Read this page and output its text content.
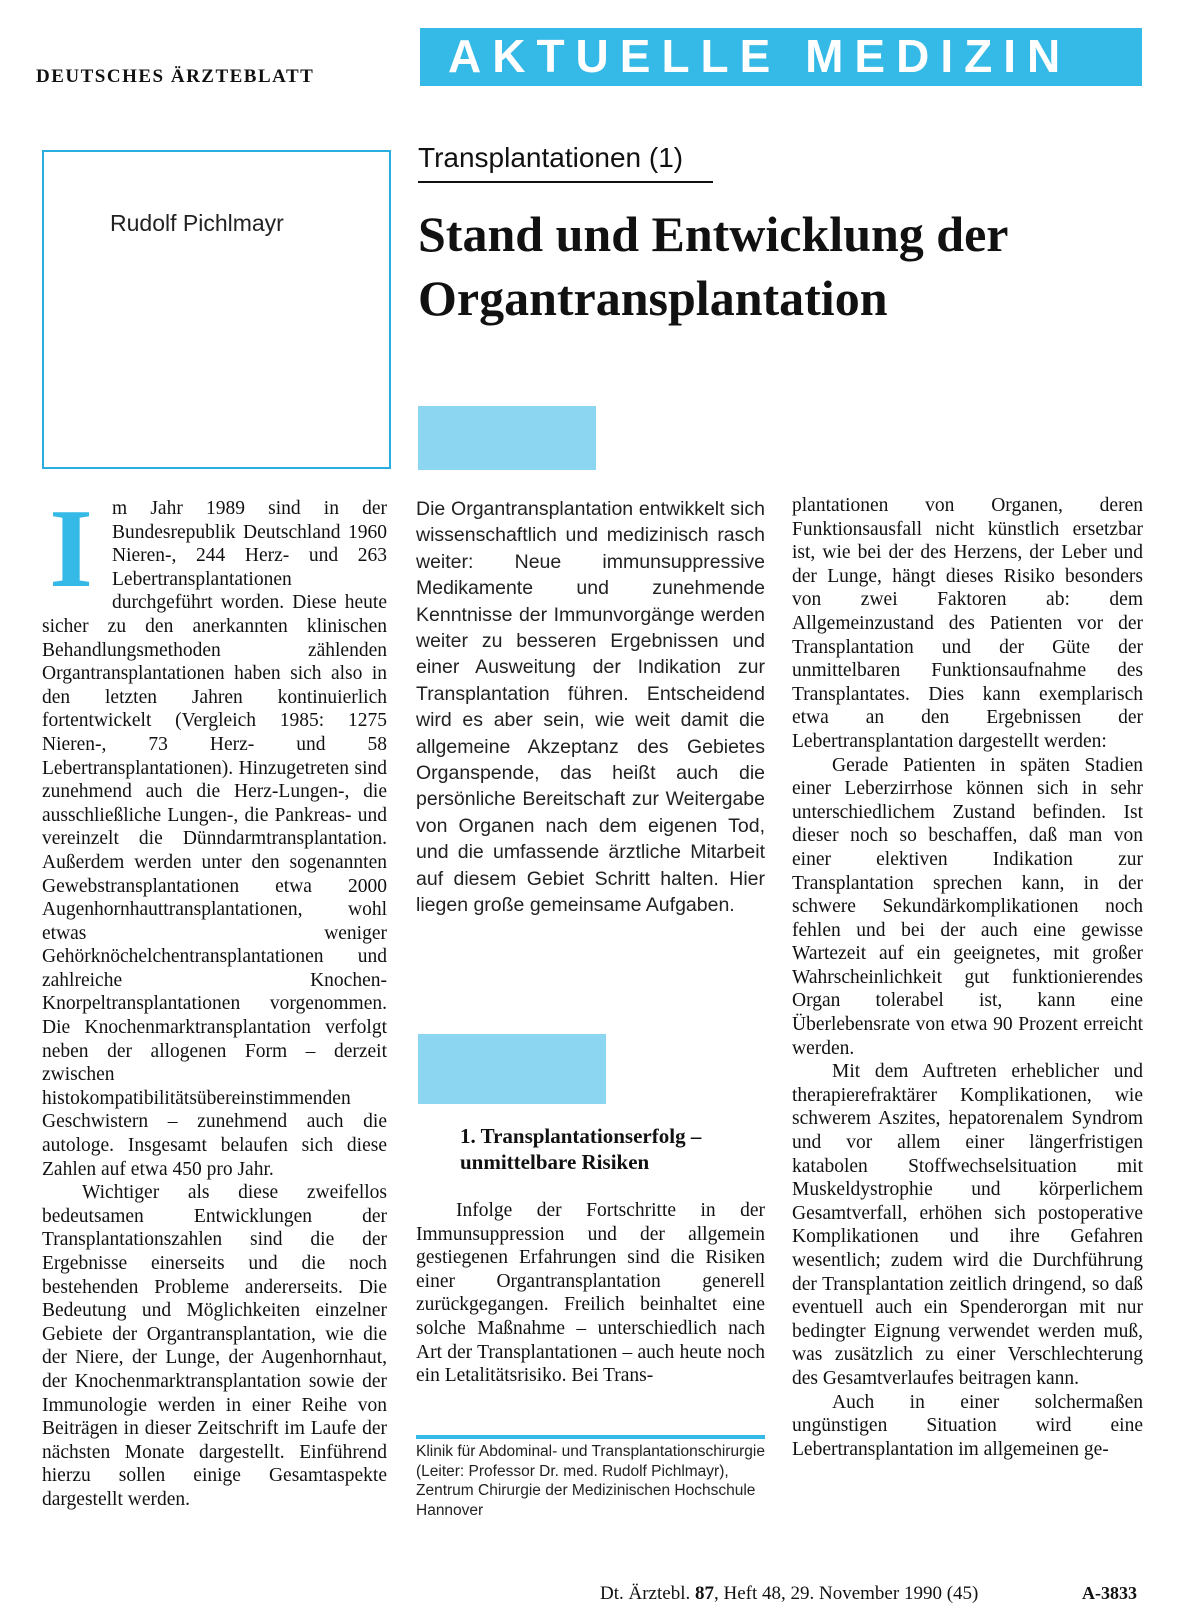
DEUTSCHES ÄRZTEBLATT	AKTUELLE MEDIZIN
Rudolf Pichlmayr
Transplantationen (1)
Stand und Entwicklung der Organtransplantation
I m Jahr 1989 sind in der Bundesrepublik Deutschland 1960 Nieren-, 244 Herz- und 263 Lebertransplantationen durchgeführt worden. Diese heute sicher zu den anerkannten klinischen Behandlungsmethoden zählenden Organtransplantationen haben sich also in den letzten Jahren kontinuierlich fortentwickelt (Vergleich 1985: 1275 Nieren-, 73 Herz- und 58 Lebertransplantationen). Hinzugetreten sind zunehmend auch die Herz-Lungen-, die ausschließliche Lungen-, die Pankreas- und vereinzelt die Dünndarmtransplantation. Außerdem werden unter den sogenannten Gewebstransplantationen etwa 2000 Augenhornhauttransplantationen, wohl etwas weniger Gehörknöchelchentransplantationen und zahlreiche Knochen-Knorpeltransplantationen vorgenommen. Die Knochenmarktransplantation verfolgt neben der allogenen Form – derzeit zwischen histokompatibilitätsübereinstimmenden Geschwistern – zunehmend auch die autologe. Insgesamt belaufen sich diese Zahlen auf etwa 450 pro Jahr.

Wichtiger als diese zweifellos bedeutsamen Entwicklungen der Transplantationszahlen sind die der Ergebnisse einerseits und die noch bestehenden Probleme andererseits. Die Bedeutung und Möglichkeiten einzelner Gebiete der Organtransplantation, wie die der Niere, der Lunge, der Augenhornhaut, der Knochenmarktransplantation sowie der Immunologie werden in einer Reihe von Beiträgen in dieser Zeitschrift im Laufe der nächsten Monate dargestellt. Einführend hierzu sollen einige Gesamtaspekte dargestellt werden.

Die Organtransplantation entwikkelt sich wissenschaftlich und medizinisch rasch weiter: Neue immunsuppressive Medikamente und zunehmende Kenntnisse der Immunvorgänge werden weiter zu besseren Ergebnissen und einer Ausweitung der Indikation zur Transplantation führen. Entscheidend wird es aber sein, wie weit damit die allgemeine Akzeptanz des Gebietes Organspende, das heißt auch die persönliche Bereitschaft zur Weitergabe von Organen nach dem eigenen Tod, und die umfassende ärztliche Mitarbeit auf diesem Gebiet Schritt halten. Hier liegen große gemeinsame Aufgaben.

1. Transplantationserfolg – unmittelbare Risiken

Infolge der Fortschritte in der Immunsuppression und der allgemein gestiegenen Erfahrungen sind die Risiken einer Organtransplantation generell zurückgegangen. Freilich beinhaltet eine solche Maßnahme – unterschiedlich nach Art der Transplantationen – auch heute noch ein Letalitätsrisiko. Bei Trans-

Klinik für Abdominal- und Transplantationschirurgie (Leiter: Professor Dr. med. Rudolf Pichlmayr), Zentrum Chirurgie der Medizinischen Hochschule Hannover

plantationen von Organen, deren Funktionsausfall nicht künstlich ersetzbar ist, wie bei der des Herzens, der Leber und der Lunge, hängt dieses Risiko besonders von zwei Faktoren ab: dem Allgemeinzustand des Patienten vor der Transplantation und der Güte der unmittelbaren Funktionsaufnahme des Transplantates. Dies kann exemplarisch etwa an den Ergebnissen der Lebertransplantation dargestellt werden:

Gerade Patienten in späten Stadien einer Leberzirrhose können sich in sehr unterschiedlichem Zustand befinden. Ist dieser noch so beschaffen, daß man von einer elektiven Indikation zur Transplantation sprechen kann, in der schwere Sekundärkomplikationen noch fehlen und bei der auch eine gewisse Wartezeit auf ein geeignetes, mit großer Wahrscheinlichkeit gut funktionierendes Organ tolerabel ist, kann eine Überlebensrate von etwa 90 Prozent erreicht werden.

Mit dem Auftreten erheblicher und therapierefraktärer Komplikationen, wie schwerem Aszites, hepatorenalem Syndrom und vor allem einer längerfristigen katabolen Stoffwechselsituation mit Muskeldystrophie und körperlichem Gesamtverfall, erhöhen sich postoperative Komplikationen und ihre Gefahren wesentlich; zudem wird die Durchführung der Transplantation zeitlich dringend, so daß eventuell auch ein Spenderorgan mit nur bedingter Eignung verwendet werden muß, was zusätzlich zu einer Verschlechterung des Gesamtverlaufes beitragen kann.

Auch in einer solchermaßen ungünstigen Situation wird eine Lebertransplantation im allgemeinen ge-

Dt. Ärztebl. 87, Heft 48, 29. November 1990 (45)	A-3833
